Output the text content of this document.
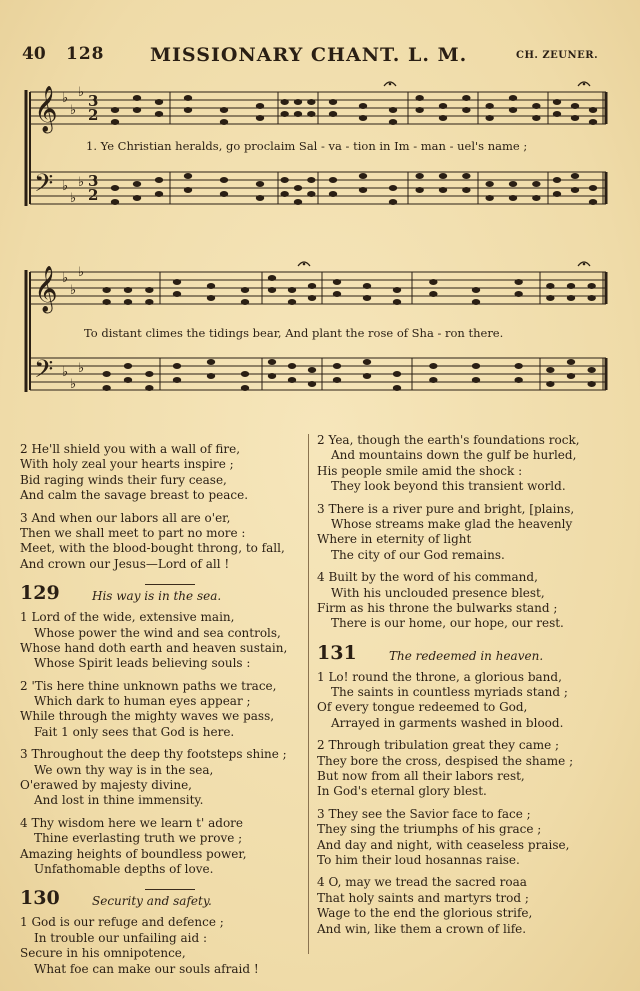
40 128 MISSIONARY CHANT. L. M.	CH. ZEUNER.
𝄞
𝄢
♭
♭
♭
♭
♭
♭
3
3
2
2
𝄞
𝄢
♭
♭
♭
♭
♭
♭
1. Ye Christian heralds, go proclaim Sal - va - tion in Im - man - uel's name ;
To distant climes the tidings bear, And plant the rose of Sha - ron there.
2 He'll shield you with a wall of fire,
With holy zeal your hearts inspire ;
Bid raging winds their fury cease,
And calm the savage breast to peace.
3 And when our labors all are o'er,
Then we shall meet to part no more :
Meet, with the blood-bought throng, to fall,
And crown our Jesus—Lord of all !
129	His way is in the sea.
1 Lord of the wide, extensive main,
Whose power the wind and sea controls,
Whose hand doth earth and heaven sustain,
Whose Spirit leads believing souls :
2 'Tis here thine unknown paths we trace,
Which dark to human eyes appear ;
While through the mighty waves we pass,
Fait 1 only sees that God is here.
3 Throughout the deep thy footsteps shine ;
We own thy way is in the sea,
O'erawed by majesty divine,
And lost in thine immensity.
4 Thy wisdom here we learn t' adore
Thine everlasting truth we prove ;
Amazing heights of boundless power,
Unfathomable depths of love.
130	Security and safety.
1 God is our refuge and defence ;
In trouble our unfailing aid :
Secure in his omnipotence,
What foe can make our souls afraid !
2 Yea, though the earth's foundations rock,
And mountains down the gulf be hurled,
His people smile amid the shock :
They look beyond this transient world.
3 There is a river pure and bright, [plains,
Whose streams make glad the heavenly
Where in eternity of light
The city of our God remains.
4 Built by the word of his command,
With his unclouded presence blest,
Firm as his throne the bulwarks stand ;
There is our home, our hope, our rest.
131	The redeemed in heaven.
1 Lo! round the throne, a glorious band,
The saints in countless myriads stand ;
Of every tongue redeemed to God,
Arrayed in garments washed in blood.
2 Through tribulation great they came ;
They bore the cross, despised the shame ;
But now from all their labors rest,
In God's eternal glory blest.
3 They see the Savior face to face ;
They sing the triumphs of his grace ;
And day and night, with ceaseless praise,
To him their loud hosannas raise.
4 O, may we tread the sacred roaa
That holy saints and martyrs trod ;
Wage to the end the glorious strife,
And win, like them a crown of life.
